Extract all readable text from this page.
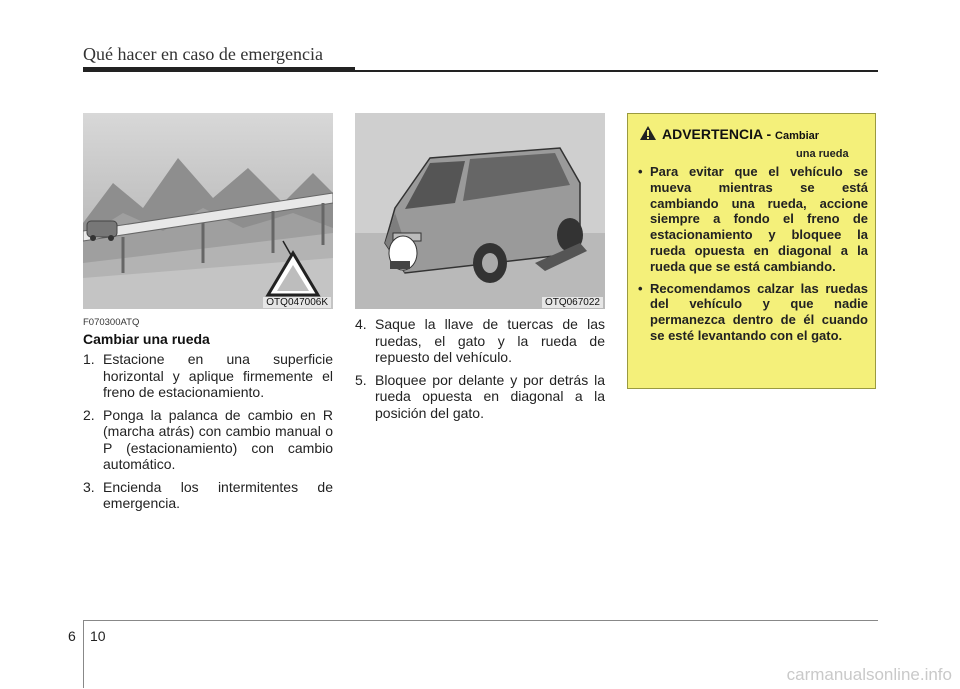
Qué hacer en caso de emergencia
OTQ047006K	OTQ067022
F070300ATQ
Cambiar una rueda
1. Estacione en una superficie horizontal y aplique firmemente el freno de estacionamiento.
2. Ponga la palanca de cambio en R (marcha atrás) con cambio manual o P (estacionamiento) con cambio automático.
3. Encienda los intermitentes de emergencia.
4. Saque la llave de tuercas de las ruedas, el gato y la rueda de repuesto del vehículo.
5. Bloquee por delante y por detrás la rueda opuesta en diagonal a la posición del gato.
ADVERTENCIA - Cambiar
una rueda
• Para evitar que el vehículo se mueva mientras se está cambiando una rueda, accione siempre a fondo el freno de estacionamiento y bloquee la rueda opuesta en diagonal a la rueda que se está cambiando.
• Recomendamos calzar las ruedas del vehículo y que nadie permanezca dentro de él cuando se esté levantando con el gato.
6 10
carmanualsonline.info
